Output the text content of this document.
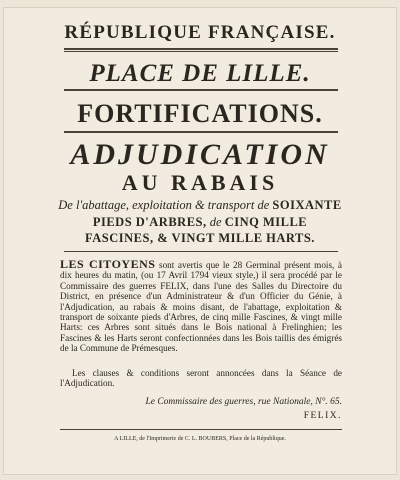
RÉPUBLIQUE FRANÇAISE.
PLACE DE LILLE.
FORTIFICATIONS.
ADJUDICATION
AU RABAIS
De l'abattage, exploitation & transport de SOIXANTE
PIEDS D'ARBRES, de CINQ MILLE
FASCINES, & VINGT MILLE HARTS.
LES CITOYENS sont avertis que le 28 Germinal présent mois, à dix heures du matin, (ou 17 Avril 1794 vieux style,) il sera procédé par le Commissaire des guerres FELIX, dans l'une des Salles du Directoire du District, en présence d'un Administrateur & d'un Officier du Génie, à l'Adjudication, au rabais & moins disant, de l'abattage, exploitation & transport de soixante pieds d'Arbres, de cinq mille Fascines, & vingt mille Harts: ces Arbres sont situés dans le Bois national à Frelinghien; les Fascines & les Harts seront confectionnées dans les Bois taillis des émigrés de la Commune de Prémesques.
Les clauses & conditions seront annoncées dans la Séance de l'Adjudication.
Le Commissaire des guerres, rue Nationale, N°. 65.
FELIX.
A LILLE, de l'Imprimerie de C. L. BOUBERS, Place de la République.
